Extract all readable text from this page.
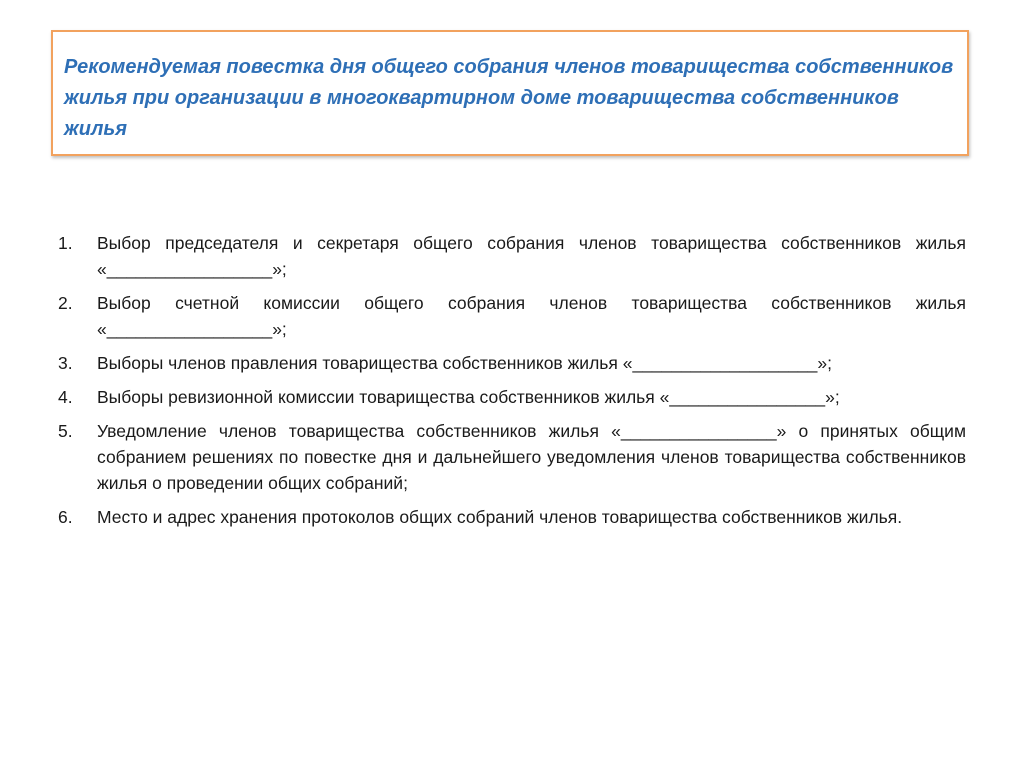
Рекомендуемая повестка дня общего собрания членов товарищества собственников жилья при организации в многоквартирном доме товарищества собственников жилья
1. Выбор председателя и секретаря общего собрания членов товарищества собственников жилья «_________________»;
2. Выбор счетной комиссии общего собрания членов товарищества собственников жилья «_________________»;
3. Выборы членов правления товарищества собственников жилья «___________________»;
4. Выборы ревизионной комиссии товарищества собственников жилья «________________»;
5. Уведомление членов товарищества собственников жилья «________________» о принятых общим собранием решениях по повестке дня и дальнейшего уведомления членов товарищества собственников жилья о проведении общих собраний;
6. Место и адрес хранения протоколов общих собраний членов товарищества собственников жилья.
